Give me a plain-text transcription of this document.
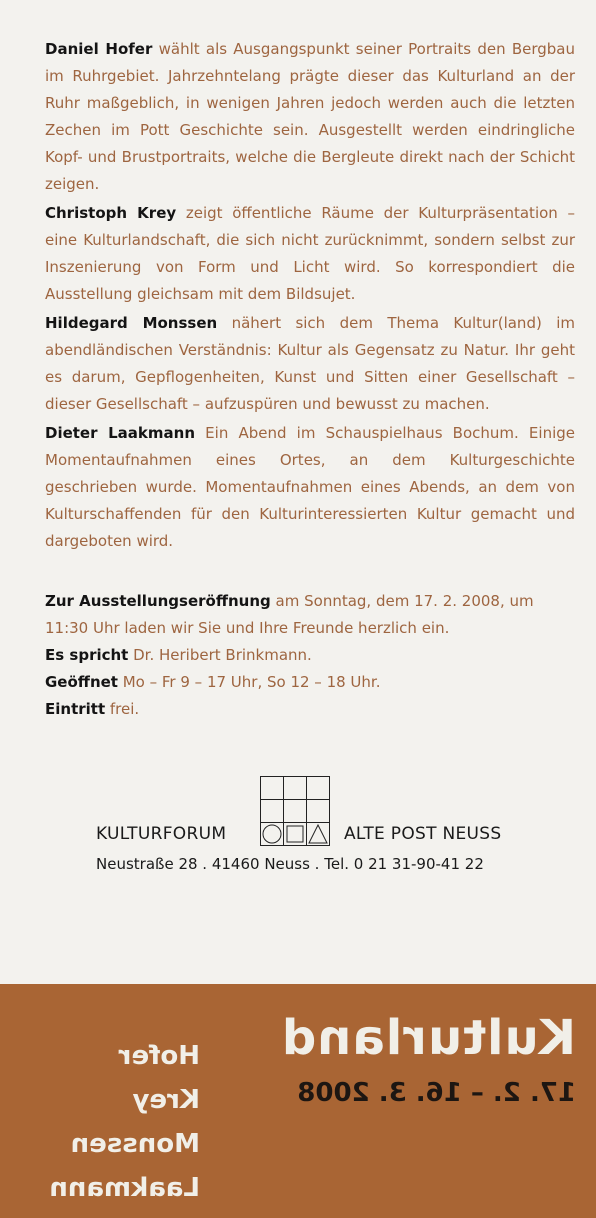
Daniel Hofer wählt als Ausgangspunkt seiner Portraits den Bergbau im Ruhrgebiet. Jahrzehntelang prägte dieser das Kulturland an der Ruhr maßgeblich, in wenigen Jahren jedoch werden auch die letzten Zechen im Pott Geschichte sein. Ausgestellt werden eindringliche Kopf- und Brustportraits, welche die Bergleute direkt nach der Schicht zeigen.

Christoph Krey zeigt öffentliche Räume der Kulturpräsentation – eine Kulturlandschaft, die sich nicht zurücknimmt, sondern selbst zur Inszenierung von Form und Licht wird. So korrespondiert die Ausstellung gleichsam mit dem Bildsujet.

Hildegard Monssen nähert sich dem Thema Kultur(land) im abendländischen Verständnis: Kultur als Gegensatz zu Natur. Ihr geht es darum, Gepflogenheiten, Kunst und Sitten einer Gesellschaft – dieser Gesellschaft – aufzuspüren und bewusst zu machen.

Dieter Laakmann Ein Abend im Schauspielhaus Bochum. Einige Momentaufnahmen eines Ortes, an dem Kulturgeschichte geschrieben wurde. Momentaufnahmen eines Abends, an dem von Kulturschaffenden für den Kulturinteressierten Kultur gemacht und dargeboten wird.

Zur Ausstellungseröffnung am Sonntag, dem 17. 2. 2008, um 11:30 Uhr laden wir Sie und Ihre Freunde herzlich ein.
Es spricht Dr. Heribert Brinkmann.
Geöffnet Mo – Fr 9 – 17 Uhr, So 12 – 18 Uhr.
Eintritt frei.
KULTURFORUM	ALTE POST NEUSS
Neustraße 28 . 41460 Neuss . Tel. 0 21 31-90-41 22
Kulturland
17. 2. – 16. 3. 2008
Hofer
Krey
Monssen
Laakmann
